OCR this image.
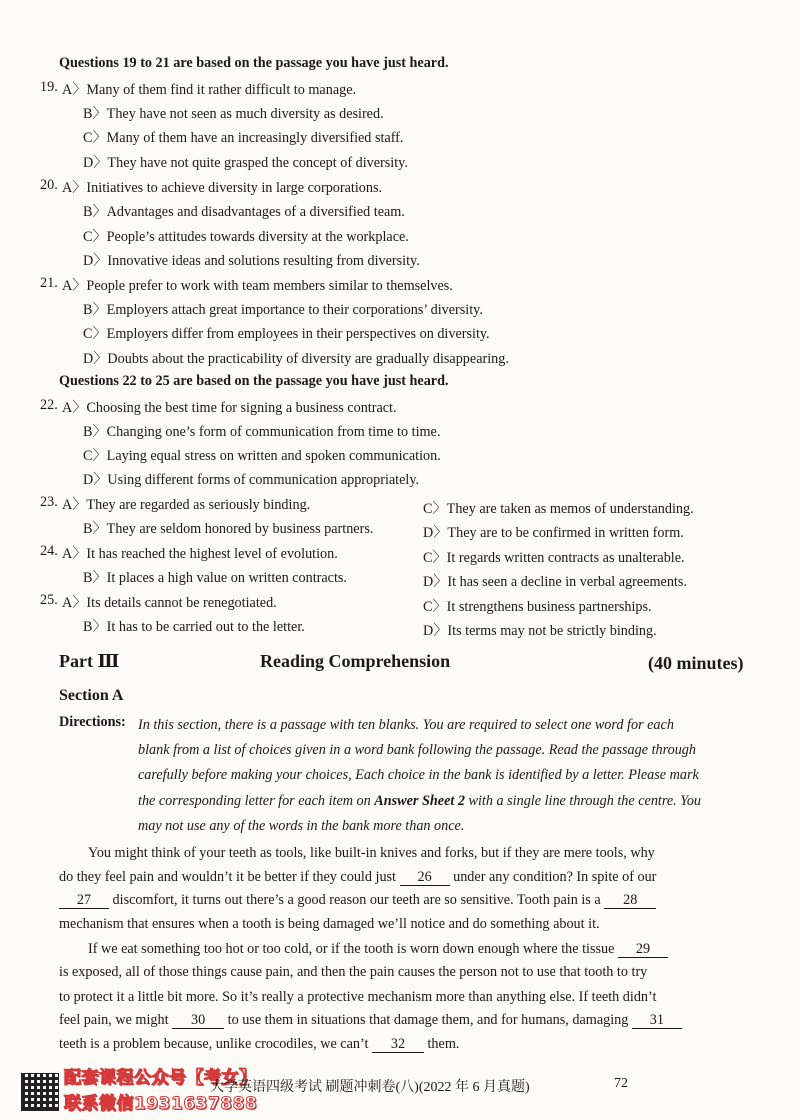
Questions 19 to 21 are based on the passage you have just heard.
19. A〉Many of them find it rather difficult to manage.
B〉They have not seen as much diversity as desired.
C〉Many of them have an increasingly diversified staff.
D〉They have not quite grasped the concept of diversity.
20. A〉Initiatives to achieve diversity in large corporations.
B〉Advantages and disadvantages of a diversified team.
C〉People’s attitudes towards diversity at the workplace.
D〉Innovative ideas and solutions resulting from diversity.
21. A〉People prefer to work with team members similar to themselves.
B〉Employers attach great importance to their corporations’ diversity.
C〉Employers differ from employees in their perspectives on diversity.
D〉Doubts about the practicability of diversity are gradually disappearing.
Questions 22 to 25 are based on the passage you have just heard.
22. A〉Choosing the best time for signing a business contract.
B〉Changing one’s form of communication from time to time.
C〉Laying equal stress on written and spoken communication.
D〉Using different forms of communication appropriately.
23. A〉They are regarded as seriously binding.	C〉They are taken as memos of understanding.
B〉They are seldom honored by business partners.	D〉They are to be confirmed in written form.
24. A〉It has reached the highest level of evolution.	C〉It regards written contracts as unalterable.
B〉It places a high value on written contracts.	D〉It has seen a decline in verbal agreements.
25. A〉Its details cannot be renegotiated.	C〉It strengthens business partnerships.
B〉It has to be carried out to the letter.	D〉Its terms may not be strictly binding.
Part Ⅲ	Reading Comprehension	(40 minutes)
Section A
Directions: In this section, there is a passage with ten blanks. You are required to select one word for each
blank from a list of choices given in a word bank following the passage. Read the passage through
carefully before making your choices, Each choice in the bank is identified by a letter. Please mark
the corresponding letter for each item on Answer Sheet 2 with a single line through the centre. You
may not use any of the words in the bank more than once.
You might think of your teeth as tools, like built-in knives and forks, but if they are mere tools, why
do they feel pain and wouldn’t it be better if they could just 26 under any condition? In spite of our
27 discomfort, it turns out there’s a good reason our teeth are so sensitive. Tooth pain is a 28
mechanism that ensures when a tooth is being damaged we’ll notice and do something about it.
If we eat something too hot or too cold, or if the tooth is worn down enough where the tissue 29
is exposed, all of those things cause pain, and then the pain causes the person not to use that tooth to try
to protect it a little bit more. So it’s really a protective mechanism more than anything else. If teeth didn’t
feel pain, we might 30 to use them in situations that damage them, and for humans, damaging 31
teeth is a problem because, unlike crocodiles, we can’t 32 them.
配套课程公众号【考女】
联系微信1931637888
大学英语四级考试 刷题冲刺卷(八)(2022 年 6 月真题)	72
